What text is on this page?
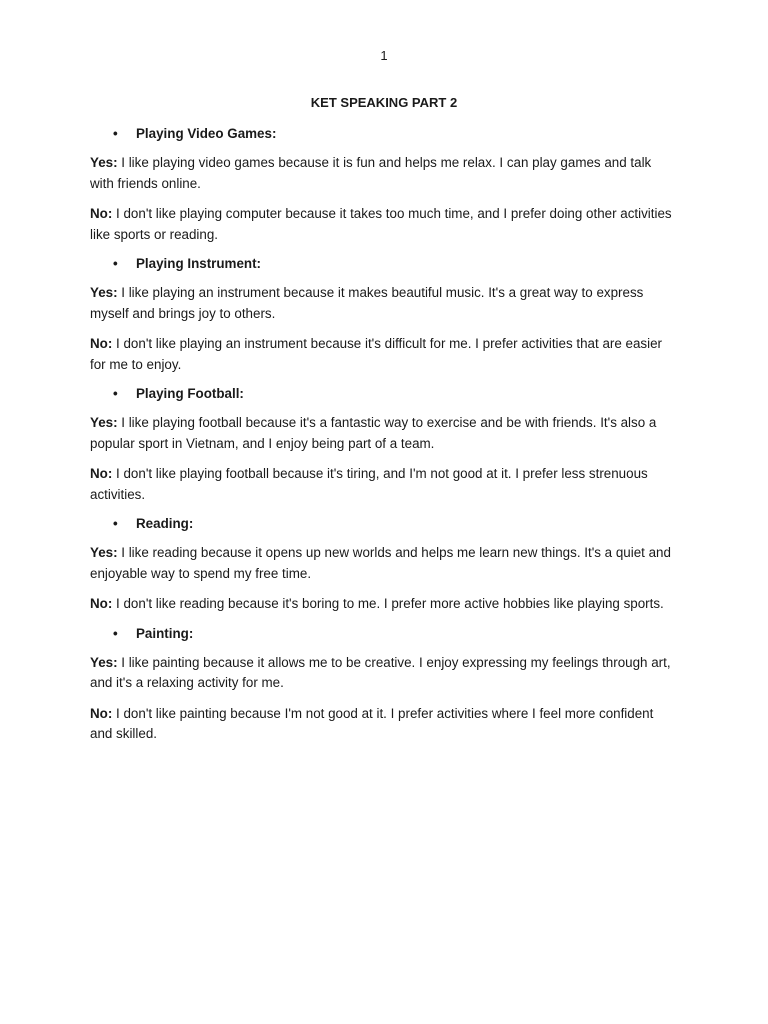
1
KET SPEAKING PART 2
• Playing Video Games:

Yes: I like playing video games because it is fun and helps me relax. I can play games and talk with friends online.

No: I don't like playing computer because it takes too much time, and I prefer doing other activities like sports or reading.

• Playing Instrument:

Yes: I like playing an instrument because it makes beautiful music. It's a great way to express myself and brings joy to others.

No: I don't like playing an instrument because it's difficult for me. I prefer activities that are easier for me to enjoy.

• Playing Football:

Yes: I like playing football because it's a fantastic way to exercise and be with friends. It's also a popular sport in Vietnam, and I enjoy being part of a team.

No: I don't like playing football because it's tiring, and I'm not good at it. I prefer less strenuous activities.

• Reading:

Yes: I like reading because it opens up new worlds and helps me learn new things. It's a quiet and enjoyable way to spend my free time.

No: I don't like reading because it's boring to me. I prefer more active hobbies like playing sports.

• Painting:

Yes: I like painting because it allows me to be creative. I enjoy expressing my feelings through art, and it's a relaxing activity for me.

No: I don't like painting because I'm not good at it. I prefer activities where I feel more confident and skilled.
